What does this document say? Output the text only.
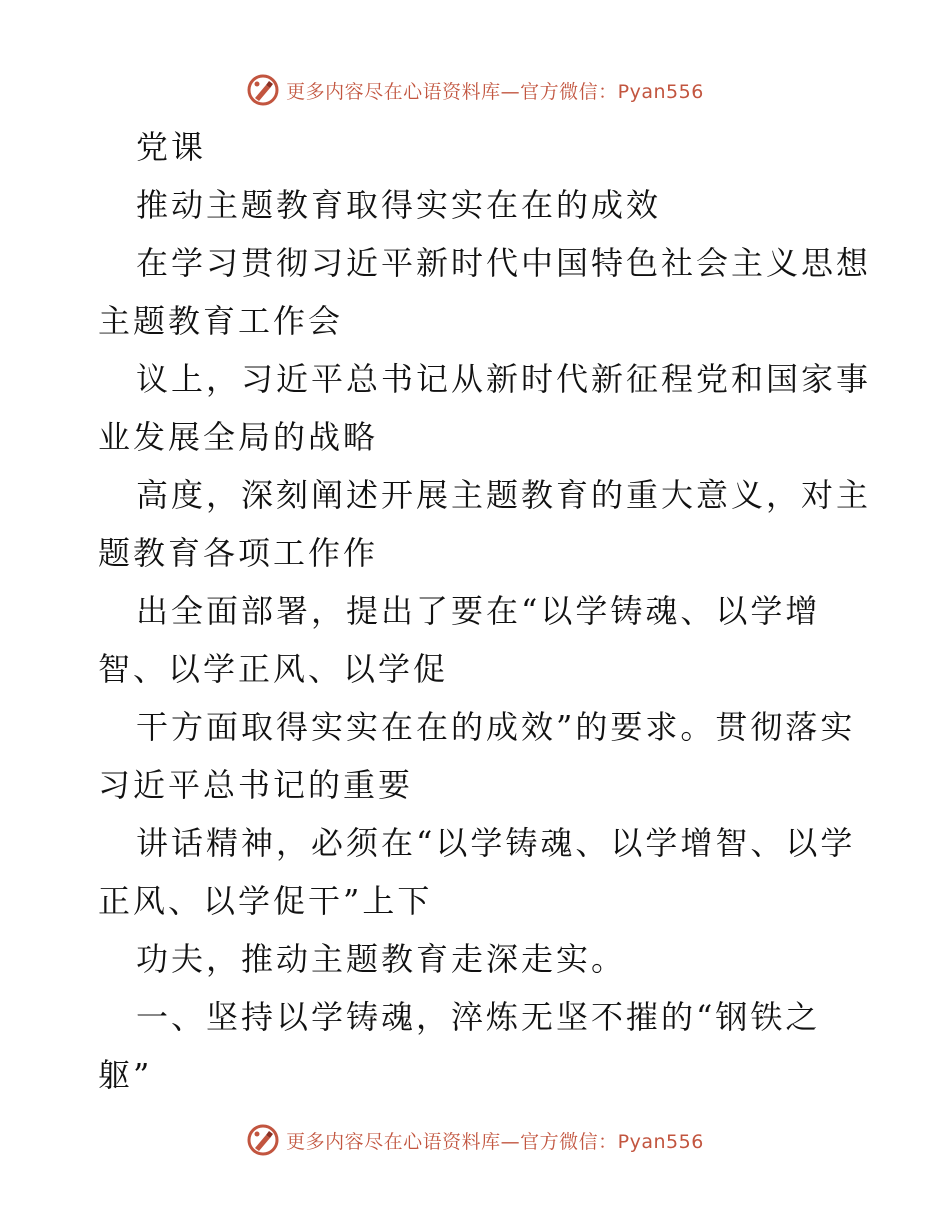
更多内容尽在心语资料库—官方微信：Pyan556
党课
推动主题教育取得实实在在的成效
在学习贯彻习近平新时代中国特色社会主义思想
主题教育工作会
议上，习近平总书记从新时代新征程党和国家事
业发展全局的战略
高度，深刻阐述开展主题教育的重大意义，对主
题教育各项工作作
出全面部署，提出了要在“以学铸魂、以学增
智、以学正风、以学促
干方面取得实实在在的成效”的要求。贯彻落实
习近平总书记的重要
讲话精神，必须在“以学铸魂、以学增智、以学
正风、以学促干”上下
功夫，推动主题教育走深走实。
一、坚持以学铸魂，淬炼无坚不摧的“钢铁之
躯”
更多内容尽在心语资料库—官方微信：Pyan556
